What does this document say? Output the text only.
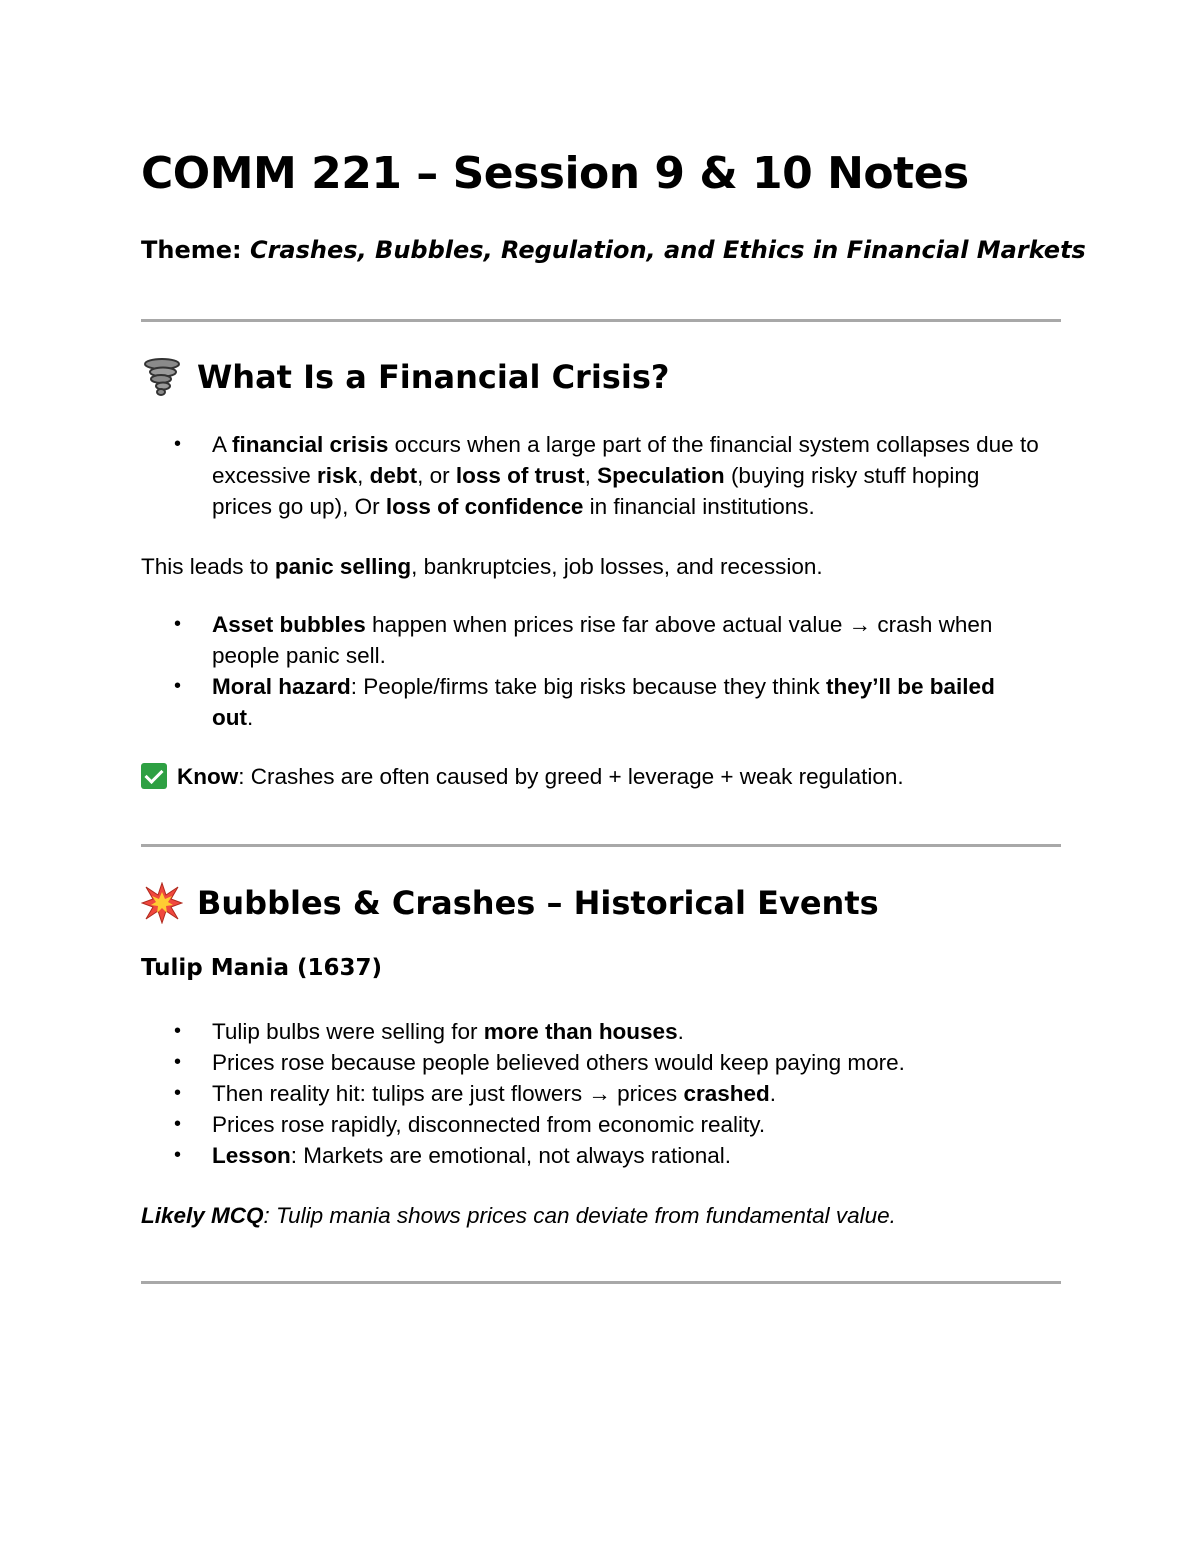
COMM 221 – Session 9 & 10 Notes

Theme: Crashes, Bubbles, Regulation, and Ethics in Financial Markets

What Is a Financial Crisis?
• A financial crisis occurs when a large part of the financial system collapses due to excessive risk, debt, or loss of trust, Speculation (buying risky stuff hoping prices go up), Or loss of confidence in financial institutions.

This leads to panic selling, bankruptcies, job losses, and recession.

• Asset bubbles happen when prices rise far above actual value → crash when people panic sell.
• Moral hazard: People/firms take big risks because they think they’ll be bailed out.

Know: Crashes are often caused by greed + leverage + weak regulation.

Bubbles & Crashes – Historical Events
Tulip Mania (1637)
• Tulip bulbs were selling for more than houses.
• Prices rose because people believed others would keep paying more.
• Then reality hit: tulips are just flowers → prices crashed.
• Prices rose rapidly, disconnected from economic reality.
• Lesson: Markets are emotional, not always rational.

Likely MCQ: Tulip mania shows prices can deviate from fundamental value.
